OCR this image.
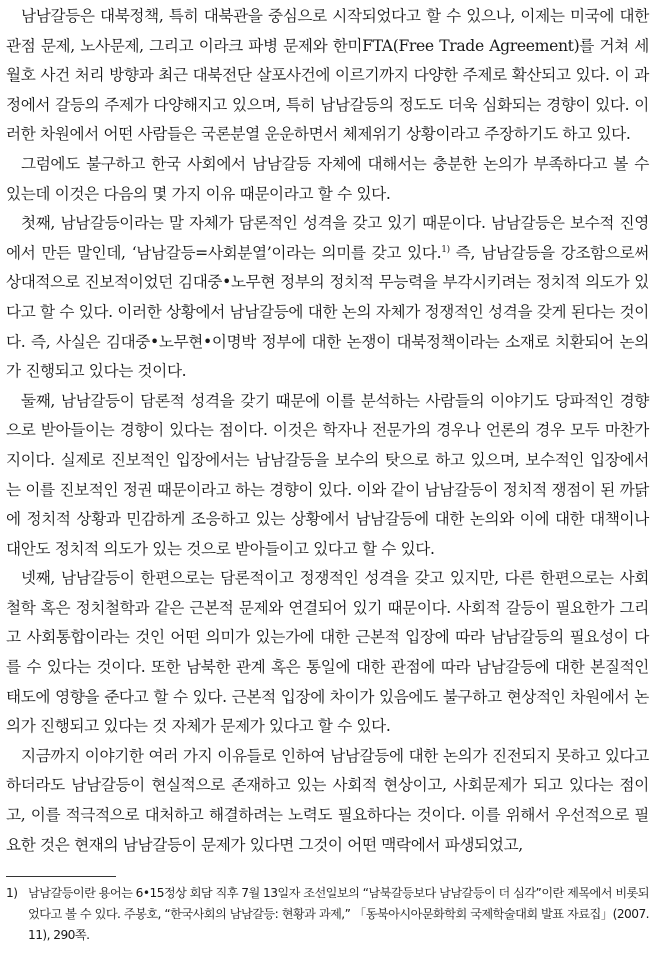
남남갈등은 대북정책, 특히 대북관을 중심으로 시작되었다고 할 수 있으나, 이제는 미국에 대한 관점 문제, 노사문제, 그리고 이라크 파병 문제와 한미FTA(Free Trade Agreement)를 거쳐 세월호 사건 처리 방향과 최근 대북전단 살포사건에 이르기까지 다양한 주제로 확산되고 있다. 이 과정에서 갈등의 주제가 다양해지고 있으며, 특히 남남갈등의 정도도 더욱 심화되는 경향이 있다. 이러한 차원에서 어떤 사람들은 국론분열 운운하면서 체제위기 상황이라고 주장하기도 하고 있다.

그럼에도 불구하고 한국 사회에서 남남갈등 자체에 대해서는 충분한 논의가 부족하다고 볼 수 있는데 이것은 다음의 몇 가지 이유 때문이라고 할 수 있다.

첫째, 남남갈등이라는 말 자체가 담론적인 성격을 갖고 있기 때문이다. 남남갈등은 보수적 진영에서 만든 말인데, ‘남남갈등=사회분열’이라는 의미를 갖고 있다.$^{1)}$ 즉, 남남갈등을 강조함으로써 상대적으로 진보적이었던 김대중•노무현 정부의 정치적 무능력을 부각시키려는 정치적 의도가 있다고 할 수 있다. 이러한 상황에서 남남갈등에 대한 논의 자체가 정쟁적인 성격을 갖게 된다는 것이다. 즉, 사실은 김대중•노무현•이명박 정부에 대한 논쟁이 대북정책이라는 소재로 치환되어 논의가 진행되고 있다는 것이다.

둘째, 남남갈등이 담론적 성격을 갖기 때문에 이를 분석하는 사람들의 이야기도 당파적인 경향으로 받아들이는 경향이 있다는 점이다. 이것은 학자나 전문가의 경우나 언론의 경우 모두 마찬가지이다. 실제로 진보적인 입장에서는 남남갈등을 보수의 탓으로 하고 있으며, 보수적인 입장에서는 이를 진보적인 정권 때문이라고 하는 경향이 있다. 이와 같이 남남갈등이 정치적 쟁점이 된 까닭에 정치적 상황과 민감하게 조응하고 있는 상황에서 남남갈등에 대한 논의와 이에 대한 대책이나 대안도 정치적 의도가 있는 것으로 받아들이고 있다고 할 수 있다.

넷째, 남남갈등이 한편으로는 담론적이고 정쟁적인 성격을 갖고 있지만, 다른 한편으로는 사회철학 혹은 정치철학과 같은 근본적 문제와 연결되어 있기 때문이다. 사회적 갈등이 필요한가 그리고 사회통합이라는 것인 어떤 의미가 있는가에 대한 근본적 입장에 따라 남남갈등의 필요성이 다를 수 있다는 것이다. 또한 남북한 관계 혹은 통일에 대한 관점에 따라 남남갈등에 대한 본질적인 태도에 영향을 준다고 할 수 있다. 근본적 입장에 차이가 있음에도 불구하고 현상적인 차원에서 논의가 진행되고 있다는 것 자체가 문제가 있다고 할 수 있다.

지금까지 이야기한 여러 가지 이유들로 인하여 남남갈등에 대한 논의가 진전되지 못하고 있다고 하더라도 남남갈등이 현실적으로 존재하고 있는 사회적 현상이고, 사회문제가 되고 있다는 점이고, 이를 적극적으로 대처하고 해결하려는 노력도 필요하다는 것이다. 이를 위해서 우선적으로 필요한 것은 현재의 남남갈등이 문제가 있다면 그것이 어떤 맥락에서 파생되었고,

1) 남남갈등이란 용어는 6•15정상 회담 직후 7월 13일자 조선일보의 “남북갈등보다 남남갈등이 더 심각”이란 제목에서 비롯되었다고 볼 수 있다. 주봉호, “한국사회의 남남갈등: 현황과 과제,” 「동북아시아문화학회 국제학술대회 발표 자료집」(2007.11), 290쪽.
